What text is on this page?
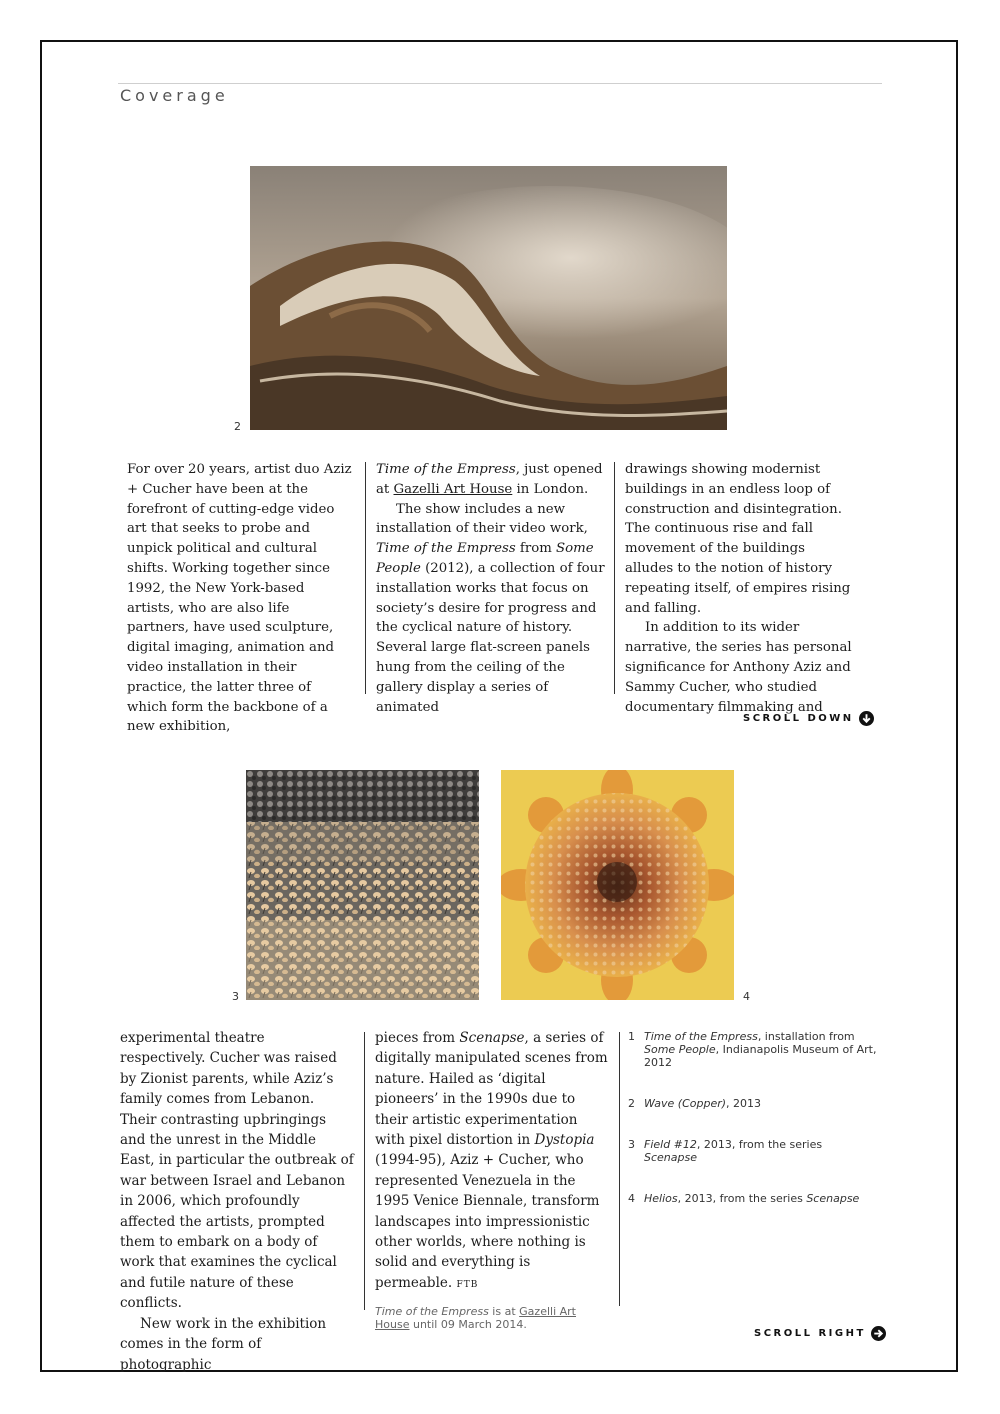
Coverage
2

For over 20 years, artist duo Aziz + Cucher have been at the forefront of cutting-edge video art that seeks to probe and unpick political and cultural shifts. Working together since 1992, the New York-based artists, who are also life partners, have used sculpture, digital imaging, animation and video installation in their practice, the latter three of which form the backbone of a new exhibition,

Time of the Empress, just opened at Gazelli Art House in London.

The show includes a new installation of their video work, Time of the Empress from Some People (2012), a collection of four installation works that focus on society’s desire for progress and the cyclical nature of history. Several large flat-screen panels hung from the ceiling of the gallery display a series of animated

drawings showing modernist buildings in an endless loop of construction and disintegration. The continuous rise and fall movement of the buildings alludes to the notion of history repeating itself, of empires rising and falling.

In addition to its wider narrative, the series has personal significance for Anthony Aziz and Sammy Cucher, who studied documentary filmmaking and

SCROLL DOWN
3	4

experimental theatre respectively. Cucher was raised by Zionist parents, while Aziz’s family comes from Lebanon. Their contrasting upbringings and the unrest in the Middle East, in particular the outbreak of war between Israel and Lebanon in 2006, which profoundly affected the artists, prompted them to embark on a body of work that examines the cyclical and futile nature of these conflicts.

New work in the exhibition comes in the form of photographic

pieces from Scenapse, a series of digitally manipulated scenes from nature. Hailed as ‘digital pioneers’ in the 1990s due to their artistic experimentation with pixel distortion in Dystopia (1994-95), Aziz + Cucher, who represented Venezuela in the 1995 Venice Biennale, transform landscapes into impressionistic other worlds, where nothing is solid and everything is permeable. FTB

Time of the Empress is at Gazelli Art House until 09 March 2014.
1 Time of the Empress, installation from Some People, Indianapolis Museum of Art, 2012
2 Wave (Copper), 2013
3 Field #12, 2013, from the series Scenapse
4 Helios, 2013, from the series Scenapse
SCROLL RIGHT
